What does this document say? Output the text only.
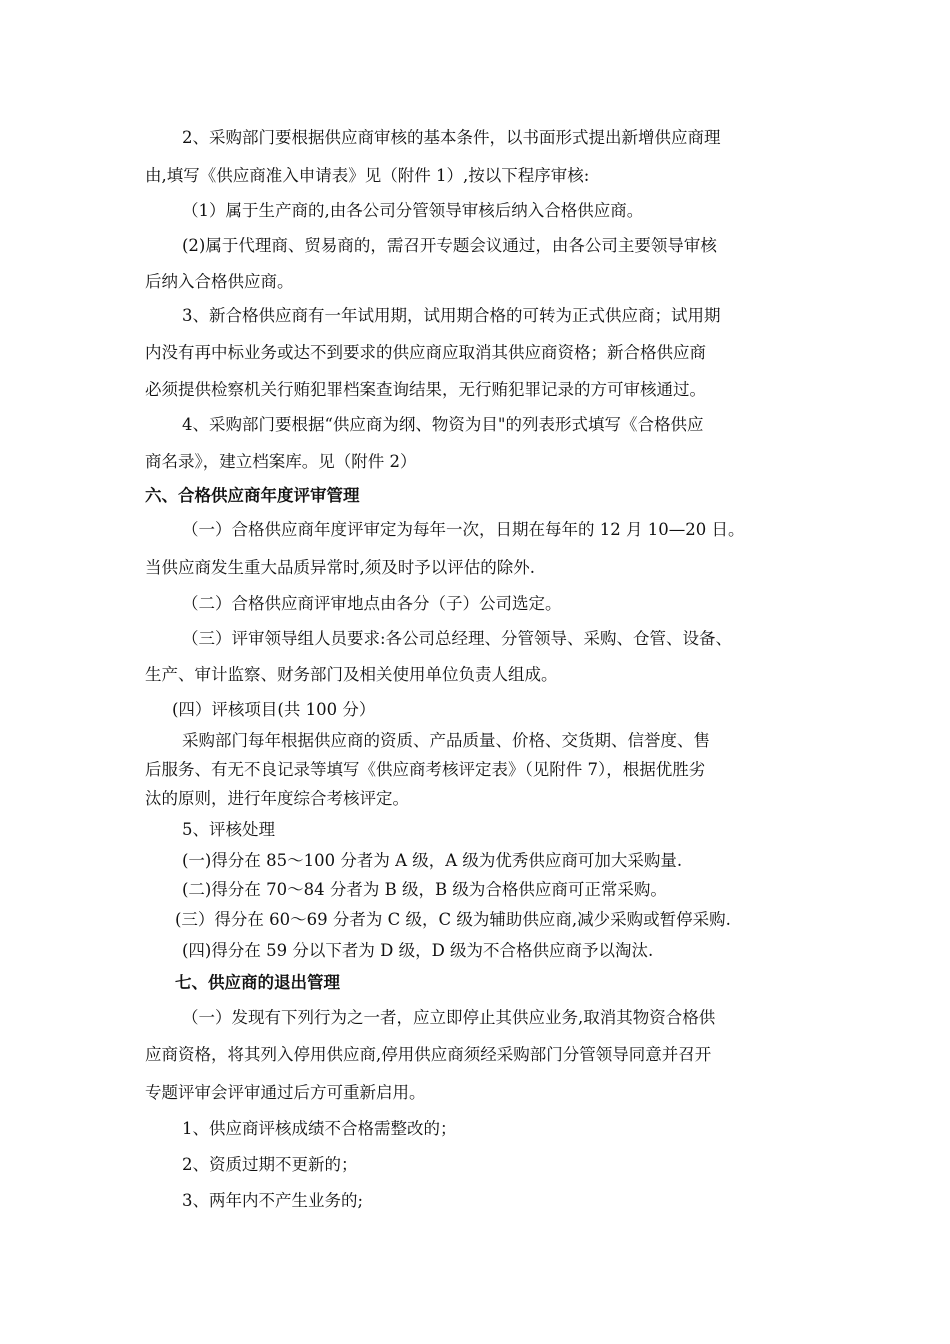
2、采购部门要根据供应商审核的基本条件，以书面形式提出新增供应商理

由,填写《供应商准入申请表》见（附件 1）,按以下程序审核:

（1）属于生产商的,由各公司分管领导审核后纳入合格供应商。

(2)属于代理商、贸易商的，需召开专题会议通过，由各公司主要领导审核

后纳入合格供应商。

3、新合格供应商有一年试用期，试用期合格的可转为正式供应商；试用期

内没有再中标业务或达不到要求的供应商应取消其供应商资格；新合格供应商

必须提供检察机关行贿犯罪档案查询结果，无行贿犯罪记录的方可审核通过。

4、采购部门要根据“供应商为纲、物资为目"的列表形式填写《合格供应

商名录》，建立档案库。见（附件 2）

六、合格供应商年度评审管理

（一）合格供应商年度评审定为每年一次，日期在每年的 12 月 10—20 日。

当供应商发生重大品质异常时,须及时予以评估的除外.

（二）合格供应商评审地点由各分（子）公司选定。

（三）评审领导组人员要求:各公司总经理、分管领导、采购、仓管、设备、

生产、审计监察、财务部门及相关使用单位负责人组成。

(四）评核项目(共 100 分）

采购部门每年根据供应商的资质、产品质量、价格、交货期、信誉度、售

后服务、有无不良记录等填写《供应商考核评定表》（见附件 7），根据优胜劣

汰的原则，进行年度综合考核评定。

5、评核处理

(一)得分在 85～100 分者为 A 级，A 级为优秀供应商可加大采购量.

(二)得分在 70～84 分者为 B 级，B 级为合格供应商可正常采购。

(三）得分在 60～69 分者为 C 级，C 级为辅助供应商,减少采购或暂停采购.

(四)得分在 59 分以下者为 D 级，D 级为不合格供应商予以淘汰.

七、供应商的退出管理

（一）发现有下列行为之一者，应立即停止其供应业务,取消其物资合格供

应商资格，将其列入停用供应商,停用供应商须经采购部门分管领导同意并召开

专题评审会评审通过后方可重新启用。

1、供应商评核成绩不合格需整改的；

2、资质过期不更新的；

3、两年内不产生业务的;
